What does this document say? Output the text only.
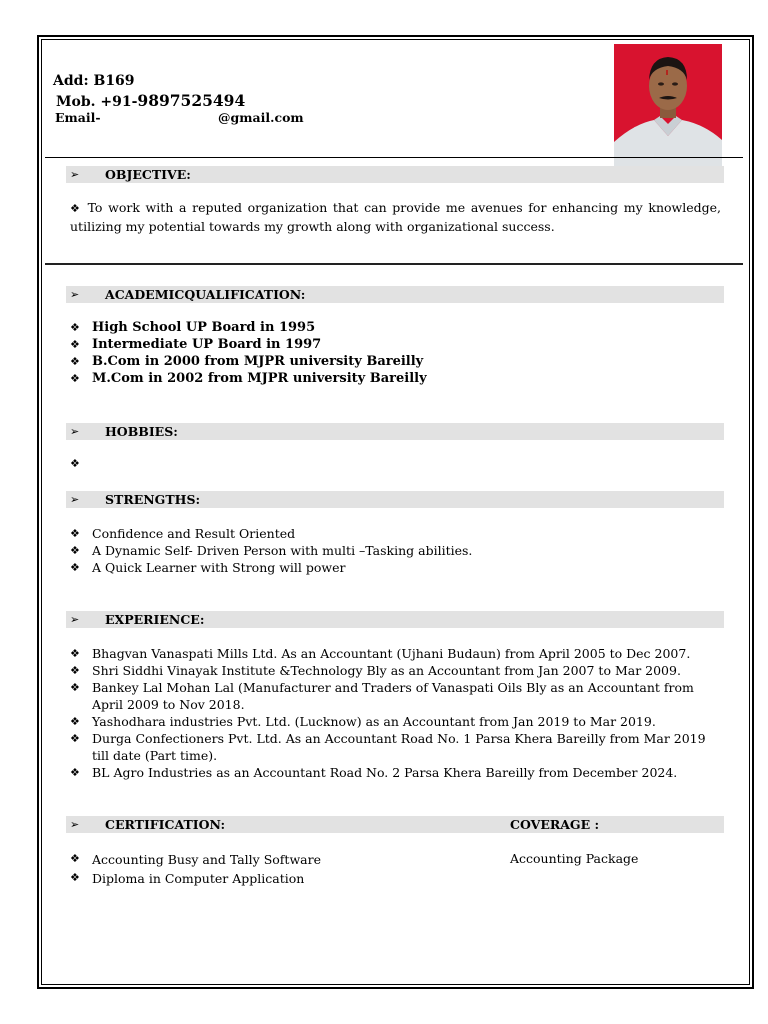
Add: B169
Mob. +91-9897525494
Email-	@gmail.com
➢ OBJECTIVE:
❖ To work with a reputed organization that can provide me avenues for enhancing my knowledge, utilizing my potential towards my growth along with organizational success.
➢ ACADEMICQUALIFICATION:
❖ High School UP Board in 1995
❖ Intermediate UP Board in 1997
❖ B.Com in 2000 from MJPR university Bareilly
❖ M.Com in 2002 from MJPR university Bareilly
➢ HOBBIES:
❖
➢ STRENGTHS:
❖ Confidence and Result Oriented
❖ A Dynamic Self- Driven Person with multi –Tasking abilities.
❖ A Quick Learner with Strong will power
➢ EXPERIENCE:
❖ Bhagvan Vanaspati Mills Ltd. As an Accountant (Ujhani Budaun) from April 2005 to Dec 2007.
❖ Shri Siddhi Vinayak Institute &Technology Bly as an Accountant from Jan 2007 to Mar 2009.
❖ Bankey Lal Mohan Lal (Manufacturer and Traders of Vanaspati Oils Bly as an Accountant from April 2009 to Nov 2018.
❖ Yashodhara industries Pvt. Ltd. (Lucknow) as an Accountant from Jan 2019 to Mar 2019.
❖ Durga Confectioners Pvt. Ltd. As an Accountant Road No. 1 Parsa Khera Bareilly from Mar 2019 till date (Part time).
❖ BL Agro Industries as an Accountant Road No. 2 Parsa Khera Bareilly from December 2024.
➢ CERTIFICATION:	COVERAGE :
❖ Accounting Busy and Tally Software
❖ Diploma in Computer Application
Accounting Package
